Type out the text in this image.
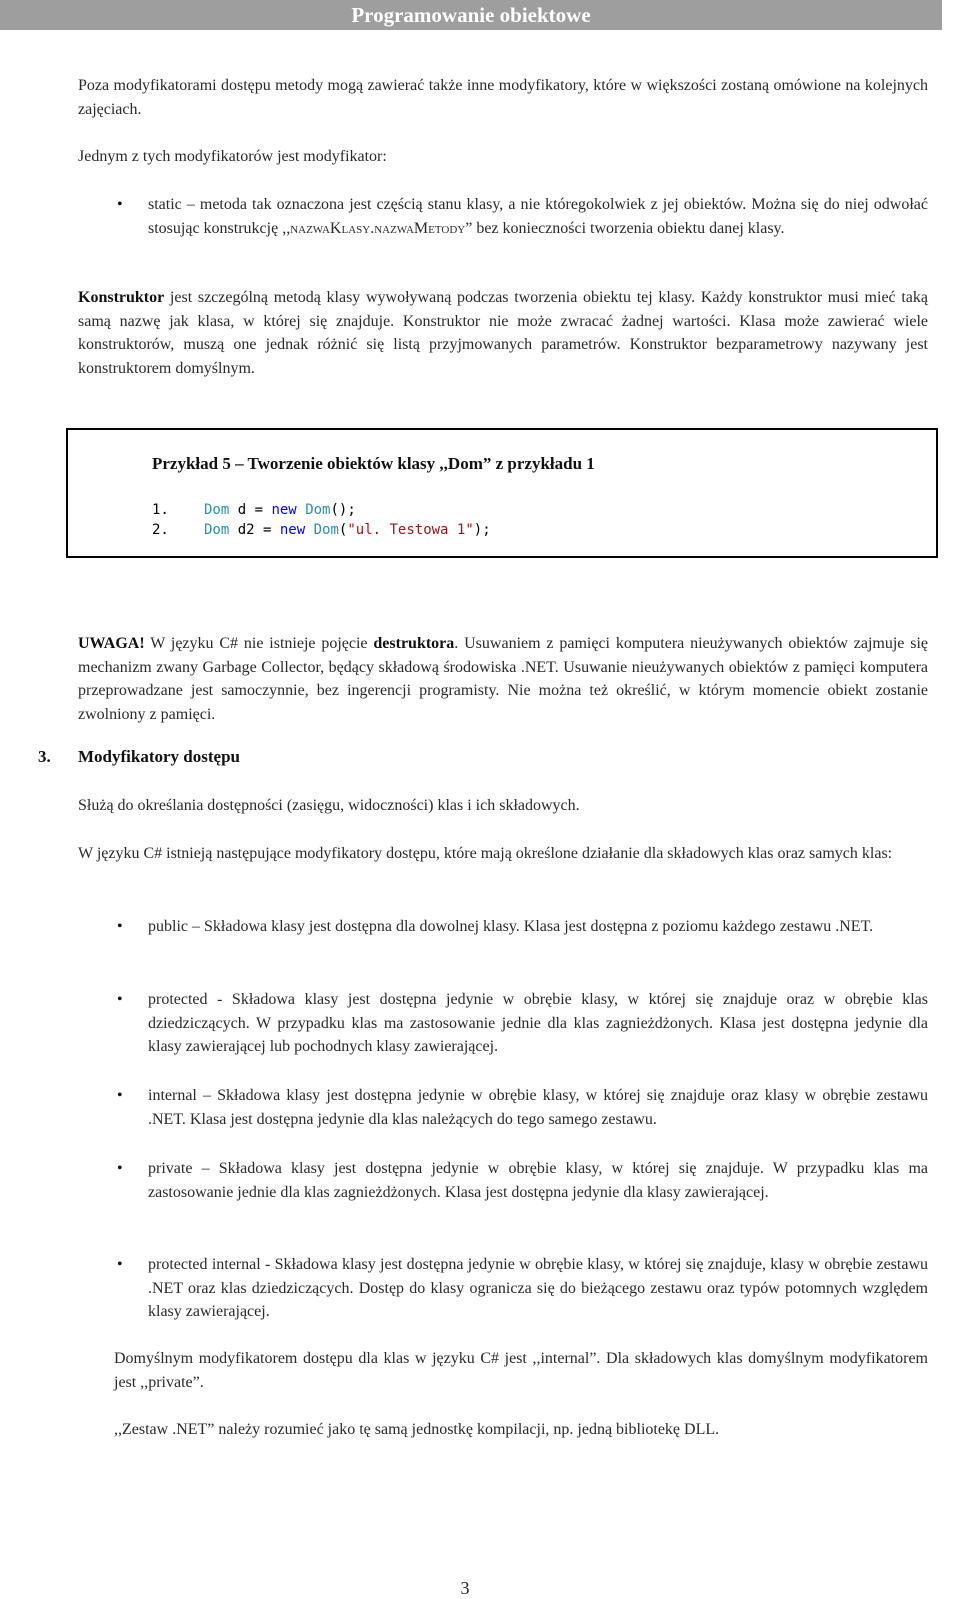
Programowanie obiektowe
Poza modyfikatorami dostępu metody mogą zawierać także inne modyfikatory, które w większości zostaną omówione na kolejnych zajęciach.
Jednym z tych modyfikatorów jest modyfikator:
• static – metoda tak oznaczona jest częścią stanu klasy, a nie któregokolwiek z jej obiektów. Można się do niej odwołać stosując konstrukcję ,,nazwaKlasy.nazwaMetody” bez konieczności tworzenia obiektu danej klasy.
Konstruktor jest szczególną metodą klasy wywoływaną podczas tworzenia obiektu tej klasy. Każdy konstruktor musi mieć taką samą nazwę jak klasa, w której się znajduje. Konstruktor nie może zwracać żadnej wartości. Klasa może zawierać wiele konstruktorów, muszą one jednak różnić się listą przyjmowanych parametrów. Konstruktor bezparametrowy nazywany jest konstruktorem domyślnym.
Przykład 5 – Tworzenie obiektów klasy ,,Dom” z przykładu 1
1.	Dom d = new Dom();
2.	Dom d2 = new Dom("ul. Testowa 1");
UWAGA! W języku C# nie istnieje pojęcie destruktora. Usuwaniem z pamięci komputera nieużywanych obiektów zajmuje się mechanizm zwany Garbage Collector, będący składową środowiska .NET. Usuwanie nieużywanych obiektów z pamięci komputera przeprowadzane jest samoczynnie, bez ingerencji programisty. Nie można też określić, w którym momencie obiekt zostanie zwolniony z pamięci.
3. Modyfikatory dostępu
Służą do określania dostępności (zasięgu, widoczności) klas i ich składowych.
W języku C# istnieją następujące modyfikatory dostępu, które mają określone działanie dla składowych klas oraz samych klas:
• public – Składowa klasy jest dostępna dla dowolnej klasy. Klasa jest dostępna z poziomu każdego zestawu .NET.
• protected - Składowa klasy jest dostępna jedynie w obrębie klasy, w której się znajduje oraz w obrębie klas dziedziczących. W przypadku klas ma zastosowanie jednie dla klas zagnieżdżonych. Klasa jest dostępna jedynie dla klasy zawierającej lub pochodnych klasy zawierającej.
• internal – Składowa klasy jest dostępna jedynie w obrębie klasy, w której się znajduje oraz klasy w obrębie zestawu .NET. Klasa jest dostępna jedynie dla klas należących do tego samego zestawu.
• private – Składowa klasy jest dostępna jedynie w obrębie klasy, w której się znajduje. W przypadku klas ma zastosowanie jednie dla klas zagnieżdżonych. Klasa jest dostępna jedynie dla klasy zawierającej.
• protected internal - Składowa klasy jest dostępna jedynie w obrębie klasy, w której się znajduje, klasy w obrębie zestawu .NET oraz klas dziedziczących. Dostęp do klasy ogranicza się do bieżącego zestawu oraz typów potomnych względem klasy zawierającej.
Domyślnym modyfikatorem dostępu dla klas w języku C# jest ,,internal”. Dla składowych klas domyślnym modyfikatorem jest ,,private”.
,,Zestaw .NET” należy rozumieć jako tę samą jednostkę kompilacji, np. jedną bibliotekę DLL.
3
